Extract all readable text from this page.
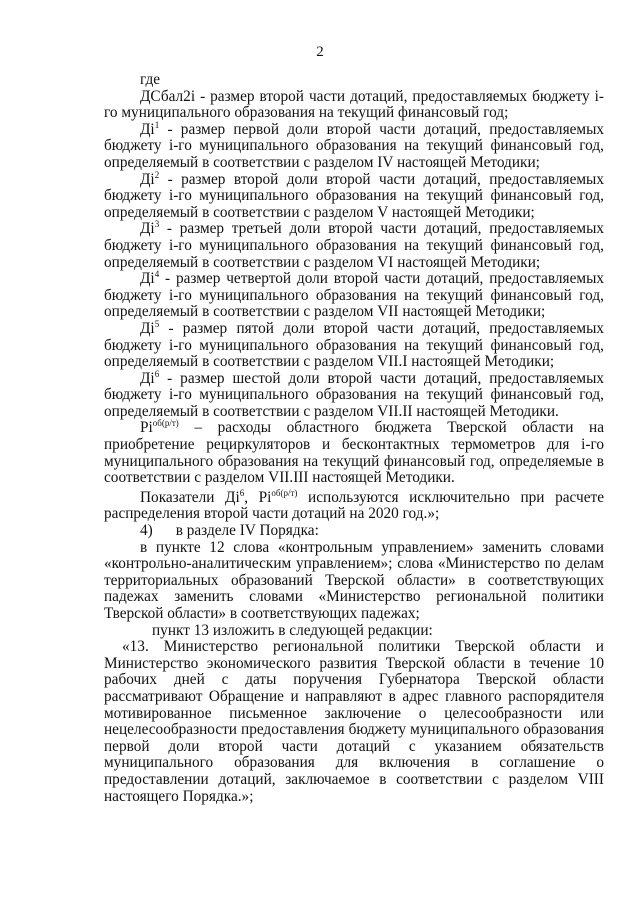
2

где

ДСбал2i - размер второй части дотаций, предоставляемых бюджету i-го муниципального образования на текущий финансовый год;

$Дi^1$ - размер первой доли второй части дотаций, предоставляемых бюджету i-го муниципального образования на текущий финансовый год, определяемый в соответствии с разделом IV настоящей Методики;

$Дi^2$ - размер второй доли второй части дотаций, предоставляемых бюджету i-го муниципального образования на текущий финансовый год, определяемый в соответствии с разделом V настоящей Методики;

$Дi^3$ - размер третьей доли второй части дотаций, предоставляемых бюджету i-го муниципального образования на текущий финансовый год, определяемый в соответствии с разделом VI настоящей Методики;

$Дi^4$ - размер четвертой доли второй части дотаций, предоставляемых бюджету i-го муниципального образования на текущий финансовый год, определяемый в соответствии с разделом VII настоящей Методики;

$Дi^5$ - размер пятой доли второй части дотаций, предоставляемых бюджету i-го муниципального образования на текущий финансовый год, определяемый в соответствии с разделом VII.I настоящей Методики;

$Дi^6$ - размер шестой доли второй части дотаций, предоставляемых бюджету i-го муниципального образования на текущий финансовый год, определяемый в соответствии с разделом VII.II настоящей Методики.

$Рi^{об(р/т)}$ – расходы областного бюджета Тверской области на приобретение рециркуляторов и бесконтактных термометров для i-го муниципального образования на текущий финансовый год, определяемые в соответствии с разделом VII.III настоящей Методики.

Показатели $Дi^6$, $Рi^{об(р/т)}$ используются исключительно при расчете распределения второй части дотаций на 2020 год.»;

4)      в разделе IV Порядка:

в пункте 12 слова «контрольным управлением» заменить словами «контрольно-аналитическим управлением»; слова «Министерство по делам территориальных образований Тверской области» в соответствующих падежах заменить словами «Министерство региональной политики Тверской области» в соответствующих падежах;

пункт 13 изложить в следующей редакции:

«13. Министерство региональной политики Тверской области и Министерство экономического развития Тверской области в течение 10 рабочих дней с даты поручения Губернатора Тверской области рассматривают Обращение и направляют в адрес главного распорядителя мотивированное письменное заключение о целесообразности или нецелесообразности предоставления бюджету муниципального образования первой доли второй части дотаций с указанием обязательств муниципального образования для включения в соглашение о предоставлении дотаций, заключаемое в соответствии с разделом VIII настоящего Порядка.»;
